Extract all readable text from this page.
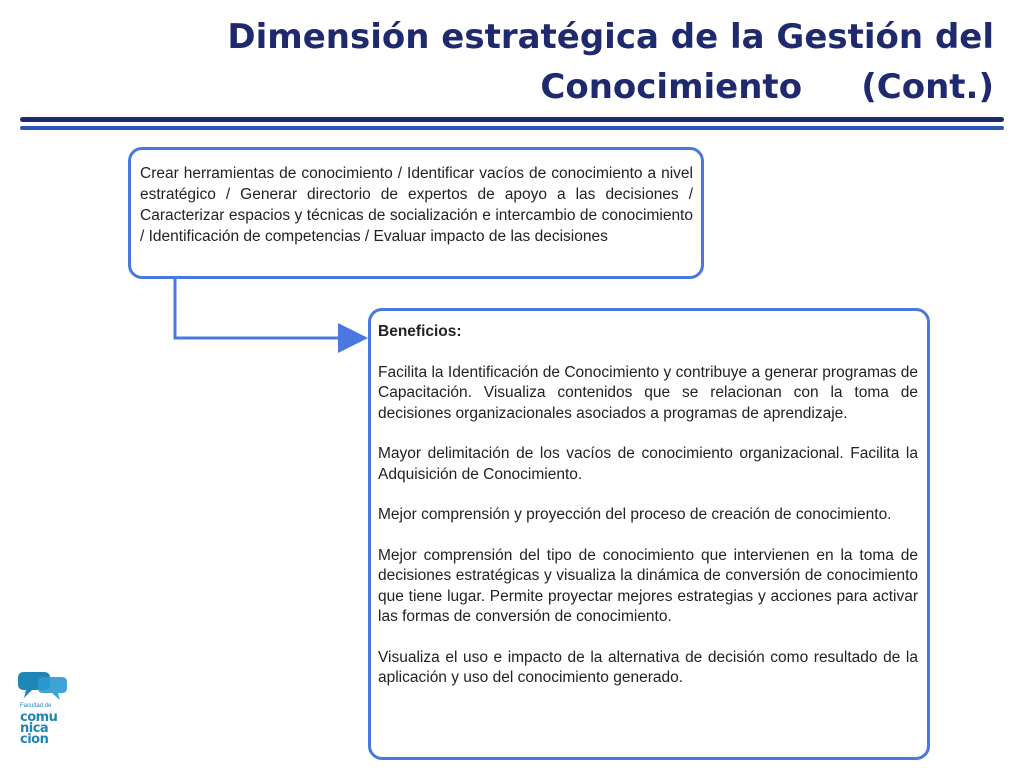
Dimensión estratégica de la Gestión del
Conocimiento     (Cont.)
Crear herramientas de conocimiento / Identificar vacíos de conocimiento a nivel estratégico / Generar directorio de expertos de apoyo a las decisiones / Caracterizar espacios y técnicas de socialización e intercambio de conocimiento / Identificación de competencias / Evaluar impacto de las decisiones
Beneficios:
Facilita la Identificación de Conocimiento y contribuye a generar programas de Capacitación. Visualiza contenidos que se relacionan con la toma de decisiones organizacionales asociados a programas de aprendizaje.
Mayor delimitación de los vacíos de conocimiento organizacional. Facilita la Adquisición de Conocimiento.
Mejor comprensión y proyección del proceso de creación de conocimiento.
Mejor comprensión del tipo de conocimiento que intervienen en la toma de decisiones estratégicas y visualiza la dinámica de conversión de conocimiento que tiene lugar. Permite proyectar mejores estrategias y acciones para activar las formas de conversión de conocimiento.
Visualiza el uso e impacto de la alternativa de decisión como resultado de la aplicación y uso del conocimiento generado.
Facultad de
comu
nica
cion
